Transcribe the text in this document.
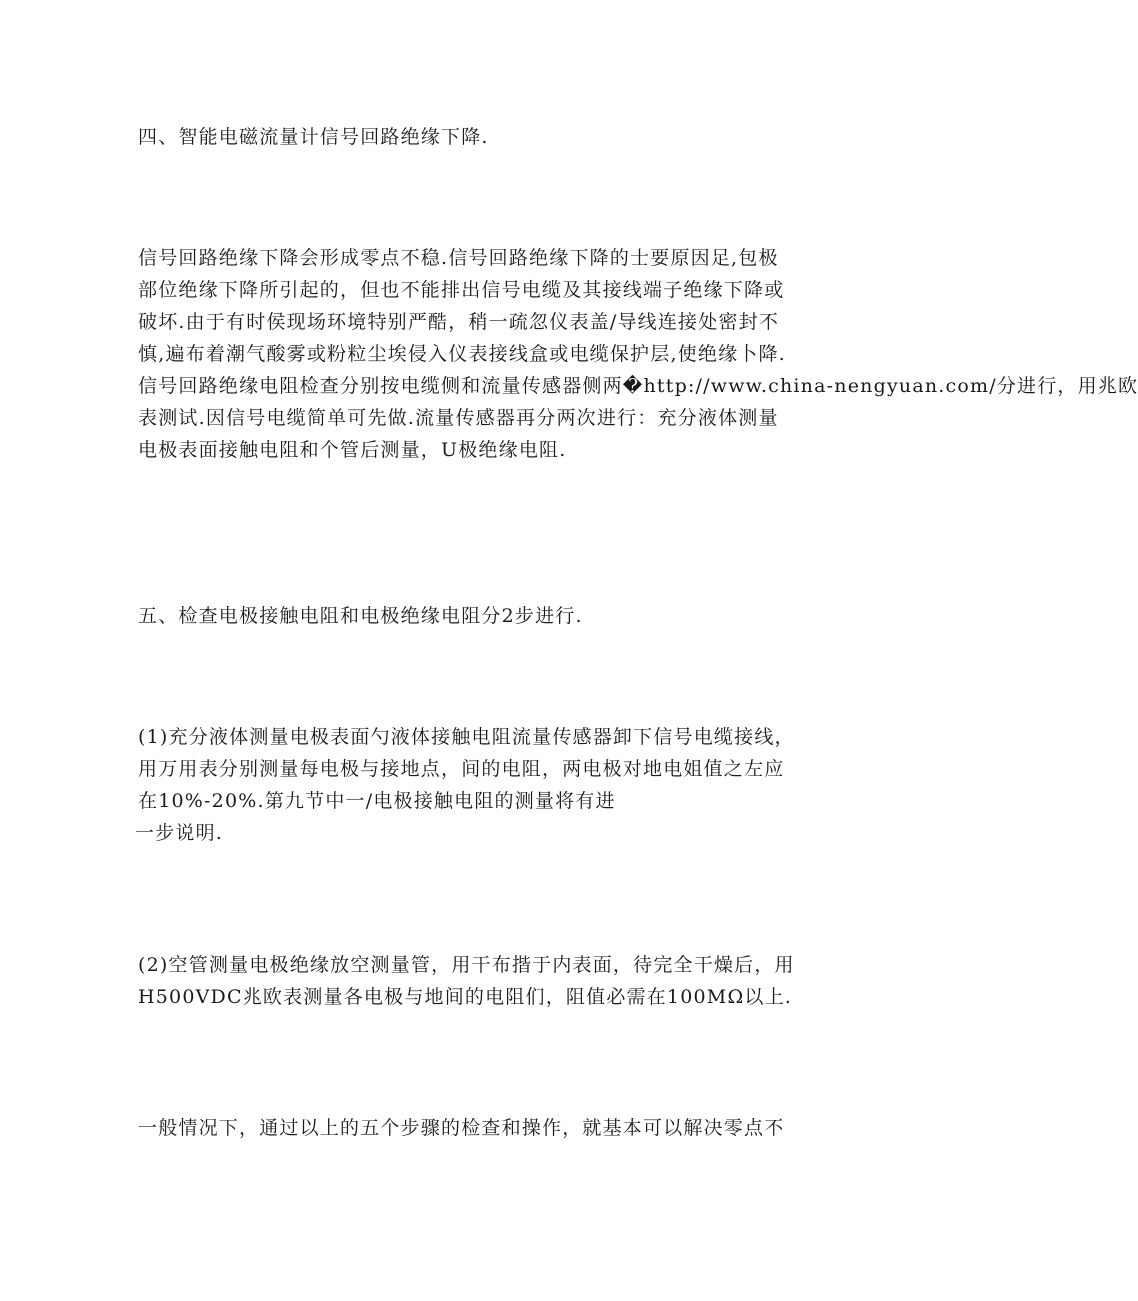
四、智能电磁流量计信号回路绝缘下降.

信号回路绝缘下降会形成零点不稳.信号回路绝缘下降的士要原因足,包极
部位绝缘下降所引起的，但也不能排出信号电缆及其接线端子绝缘下降或
破坏.由于有时侯现场环境特别严酷，稍一疏忽仪表盖/导线连接处密封不
慎,遍布着潮气酸雾或粉粒尘埃侵入仪表接线盒或电缆保护层,使绝缘卜降.
信号回路绝缘电阻检查分别按电缆侧和流量传感器侧两�http://www.china-nengyuan.com/分进行，用兆欧
表测试.因信号电缆简单可先做.流量传感器再分两次进行：充分液体测量
电极表面接触电阻和个管后测量，U极绝缘电阻.

五、检查电极接触电阻和电极绝缘电阻分2步进行.

(1)充分液体测量电极表面勺液体接触电阻流量传感器卸下信号电缆接线，
用万用表分别测量每电极与接地点，间的电阻，两电极对地电姐值之左应
在10%-20%.第九节中一/电极接触电阻的测量将有进
一步说明.

(2)空管测量电极绝缘放空测量管，用干布揩于内表面，待完全干燥后，用
H500VDC兆欧表测量各电极与地间的电阻们，阻值必需在100MΩ以上.

一般情况下，通过以上的五个步骤的检查和操作，就基本可以解决零点不
